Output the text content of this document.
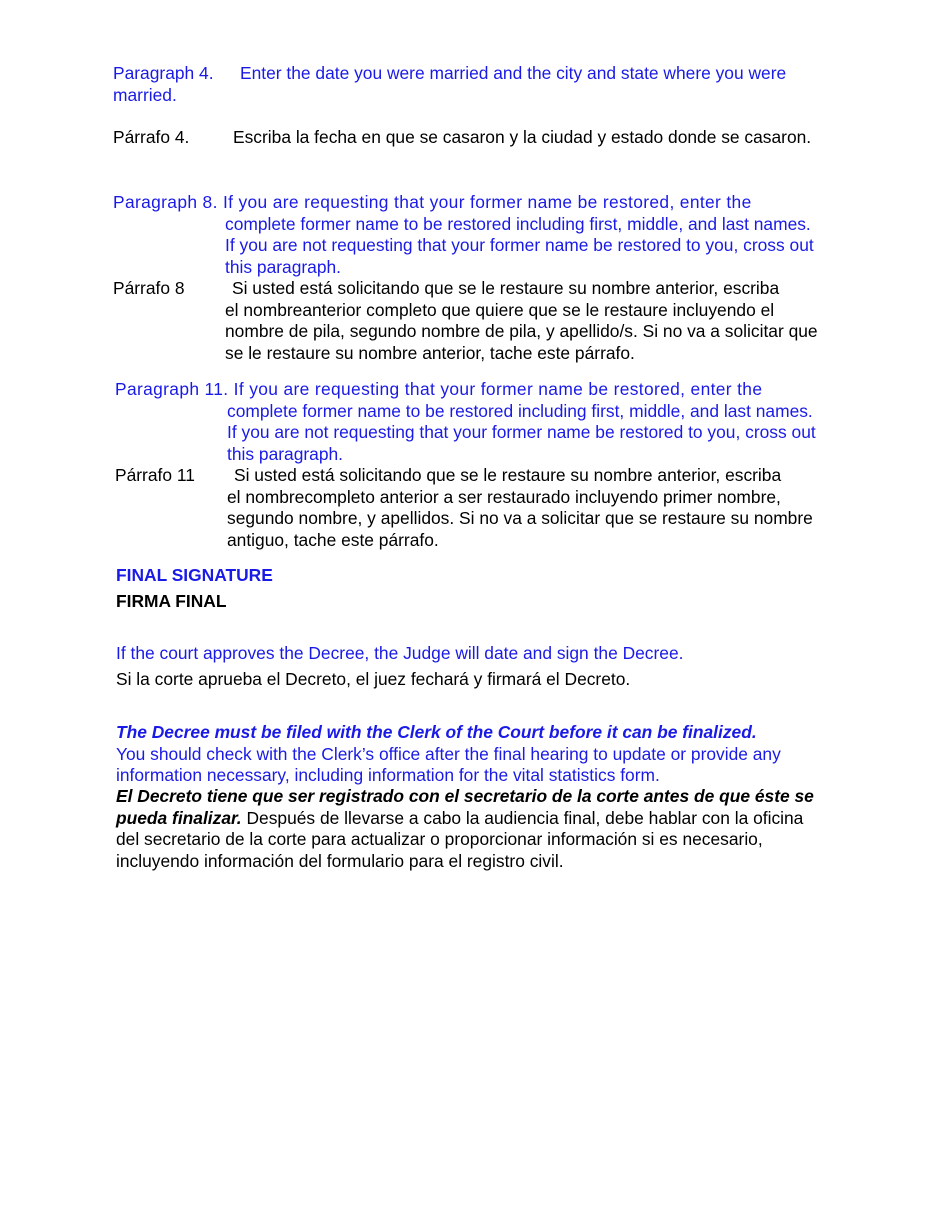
Paragraph 4. Enter the date you were married and the city and state where you were married.
Párrafo 4.	Escriba la fecha en que se casaron y la ciudad y estado donde se casaron.
Paragraph 8. If you are requesting that your former name be restored, enter the
complete former name to be restored including first, middle, and last names. If you are not requesting that your former name be restored to you, cross out this paragraph.
Párrafo 8	Si usted está solicitando que se le restaure su nombre anterior, escriba
el nombreanterior completo que quiere que se le restaure incluyendo el nombre de pila, segundo nombre de pila, y apellido/s. Si no va a solicitar que se le restaure su nombre anterior, tache este párrafo.
Paragraph 11. If you are requesting that your former name be restored, enter the
complete former name to be restored including first, middle, and last names. If you are not requesting that your former name be restored to you, cross out this paragraph.
Párrafo 11 Si usted está solicitando que se le restaure su nombre anterior, escriba
el nombrecompleto anterior a ser restaurado incluyendo primer nombre, segundo nombre, y apellidos. Si no va a solicitar que se restaure su nombre antiguo, tache este párrafo.
FINAL SIGNATURE
FIRMA FINAL
If the court approves the Decree, the Judge will date and sign the Decree.
Si la corte aprueba el Decreto, el juez fechará y firmará el Decreto.
The Decree must be filed with the Clerk of the Court before it can be finalized.
You should check with the Clerk’s office after the final hearing to update or provide any information necessary, including information for the vital statistics form.
El Decreto tiene que ser registrado con el secretario de la corte antes de que éste se pueda finalizar. Después de llevarse a cabo la audiencia final, debe hablar con la oficina del secretario de la corte para actualizar o proporcionar información si es necesario, incluyendo información del formulario para el registro civil.
